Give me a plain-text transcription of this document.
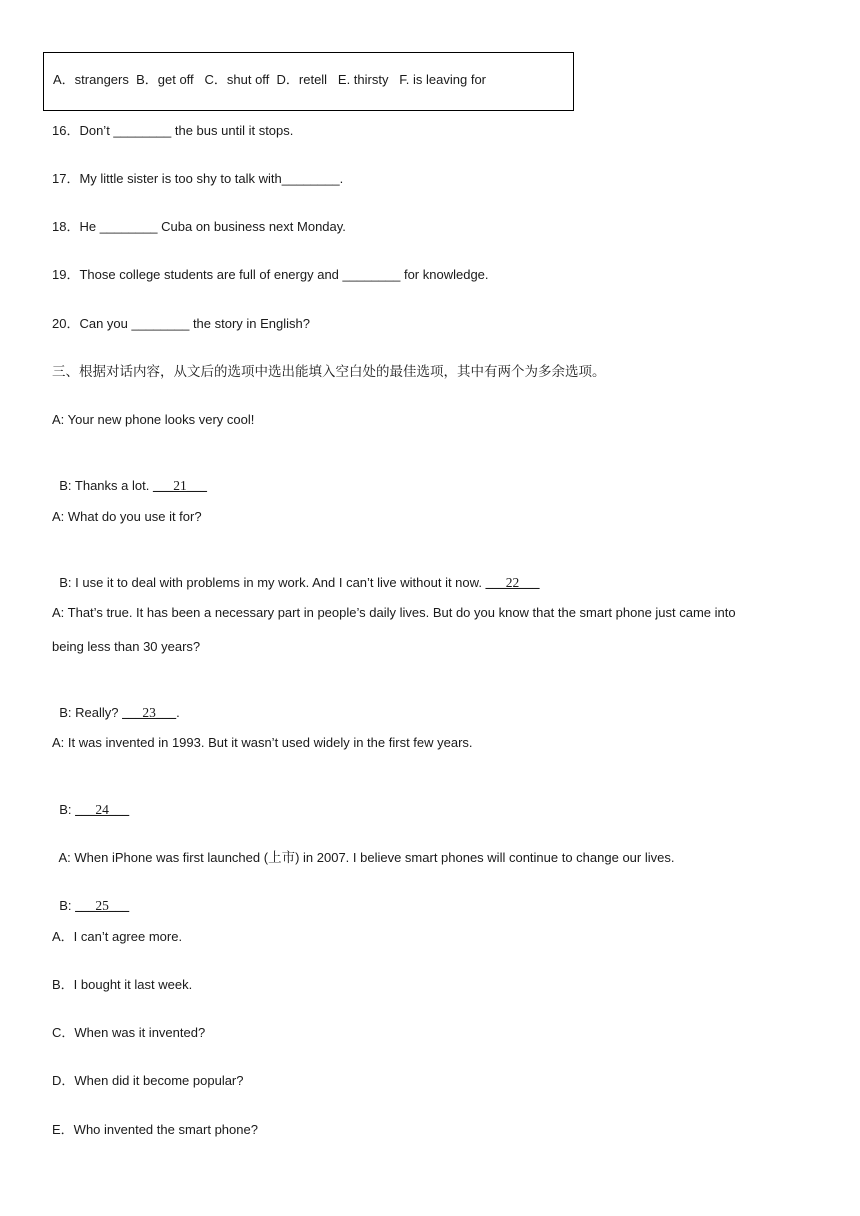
A．strangers  B．get off   C．shut off  D．retell   E. thirsty   F. is leaving for
16．Don’t ________ the bus until it stops.
17．My little sister is too shy to talk with________.
18．He ________ Cuba on business next Monday.
19．Those college students are full of energy and ________ for knowledge.
20．Can you ________ the story in English?
三、根据对话内容，从文后的选项中选出能填入空白处的最佳选项，其中有两个为多余选项。
A: Your new phone looks very cool!

B: Thanks a lot. ___21___

A: What do you use it for?

B: I use it to deal with problems in my work. And I can’t live without it now. ___22___

A: That’s true. It has been a necessary part in people’s daily lives. But do you know that the smart phone just came into
being less than 30 years?

B: Really? ___23___.

A: It was invented in 1993. But it wasn’t used widely in the first few years.

B: ___24___

A: When iPhone was first launched (上市) in 2007. I believe smart phones will continue to change our lives.

B: ___25___

A．I can’t agree more.
B．I bought it last week.
C．When was it invented?
D．When did it become popular?
E．Who invented the smart phone?
